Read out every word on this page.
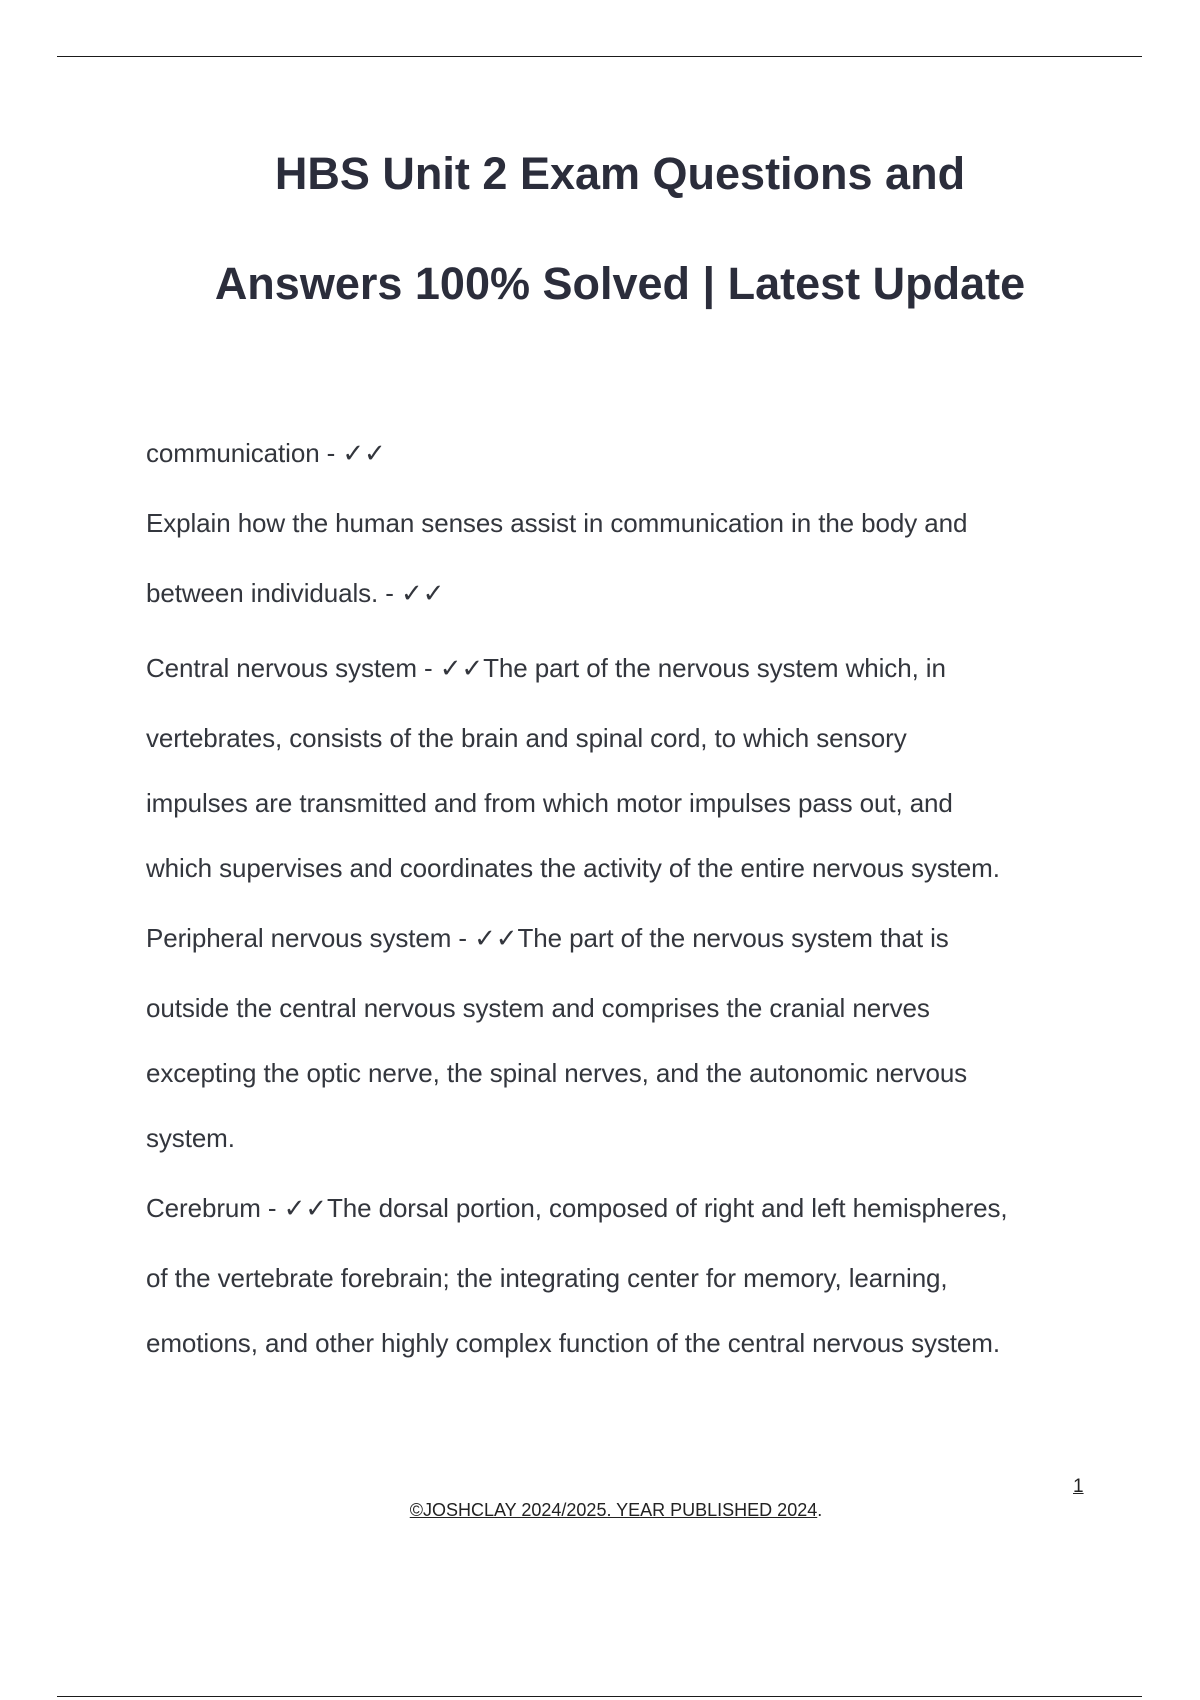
HBS Unit 2 Exam Questions and
Answers 100% Solved | Latest Update
communication - ✓✓
Explain how the human senses assist in communication in the body and
between individuals. - ✓✓
Central nervous system - ✓✓The part of the nervous system which, in
vertebrates, consists of the brain and spinal cord, to which sensory
impulses are transmitted and from which motor impulses pass out, and
which supervises and coordinates the activity of the entire nervous system.
Peripheral nervous system - ✓✓The part of the nervous system that is
outside the central nervous system and comprises the cranial nerves
excepting the optic nerve, the spinal nerves, and the autonomic nervous
system.
Cerebrum - ✓✓The dorsal portion, composed of right and left hemispheres,
of the vertebrate forebrain; the integrating center for memory, learning,
emotions, and other highly complex function of the central nervous system.
1
©JOSHCLAY 2024/2025. YEAR PUBLISHED 2024.
